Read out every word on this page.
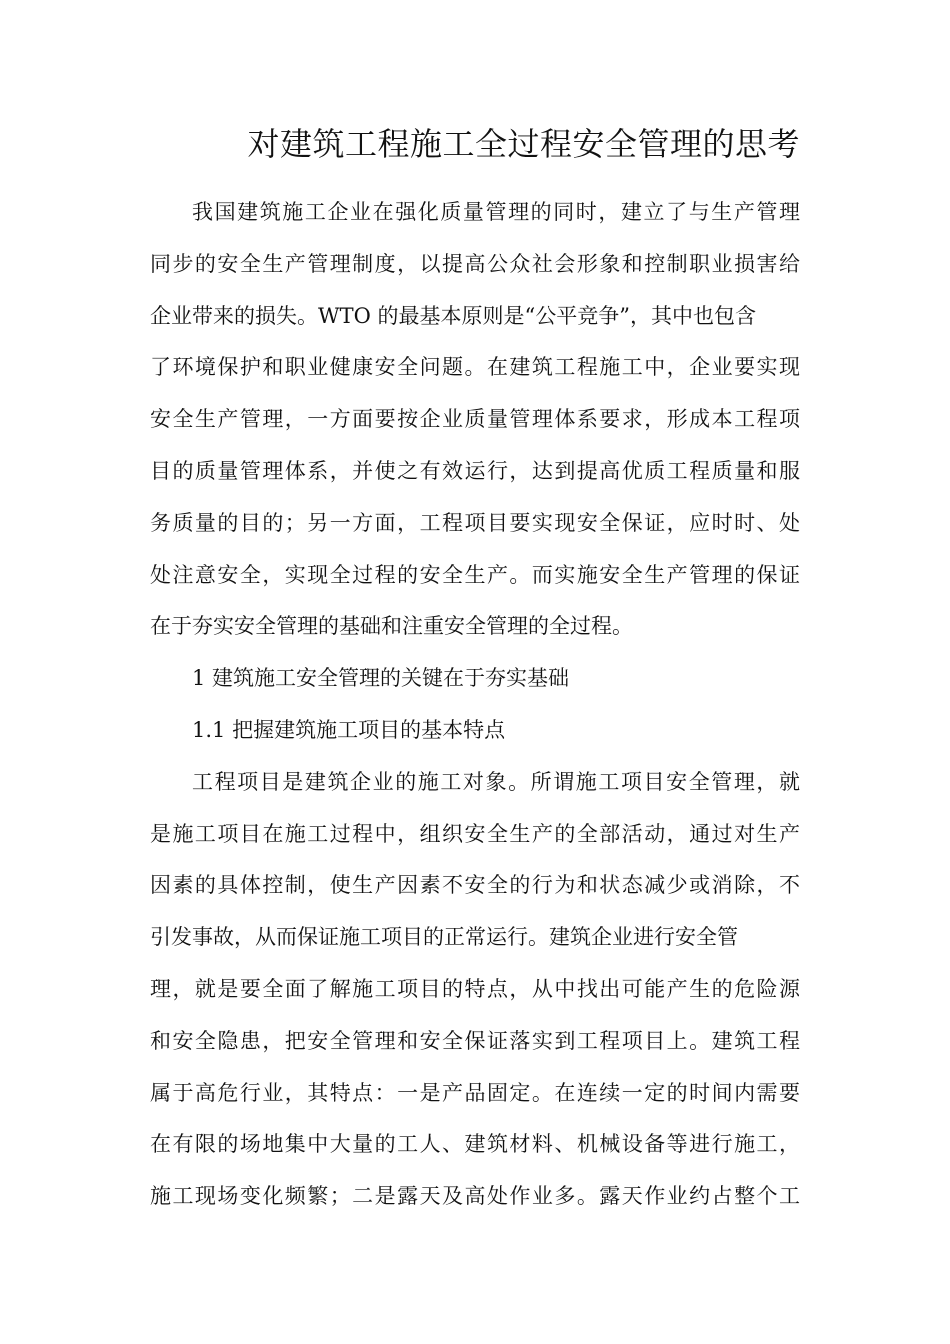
对建筑工程施工全过程安全管理的思考
我国建筑施工企业在强化质量管理的同时，建立了与生产管理
同步的安全生产管理制度，以提高公众社会形象和控制职业损害给
企业带来的损失。WTO 的最基本原则是“公平竞争”，其中也包含
了环境保护和职业健康安全问题。在建筑工程施工中，企业要实现
安全生产管理，一方面要按企业质量管理体系要求，形成本工程项
目的质量管理体系，并使之有效运行，达到提高优质工程质量和服
务质量的目的；另一方面，工程项目要实现安全保证，应时时、处
处注意安全，实现全过程的安全生产。而实施安全生产管理的保证
在于夯实安全管理的基础和注重安全管理的全过程。
1 建筑施工安全管理的关键在于夯实基础
1.1 把握建筑施工项目的基本特点
工程项目是建筑企业的施工对象。所谓施工项目安全管理，就
是施工项目在施工过程中，组织安全生产的全部活动，通过对生产
因素的具体控制，使生产因素不安全的行为和状态减少或消除，不
引发事故，从而保证施工项目的正常运行。建筑企业进行安全管
理，就是要全面了解施工项目的特点，从中找出可能产生的危险源
和安全隐患，把安全管理和安全保证落实到工程项目上。建筑工程
属于高危行业，其特点：一是产品固定。在连续一定的时间内需要
在有限的场地集中大量的工人、建筑材料、机械设备等进行施工，
施工现场变化频繁；二是露天及高处作业多。露天作业约占整个工
